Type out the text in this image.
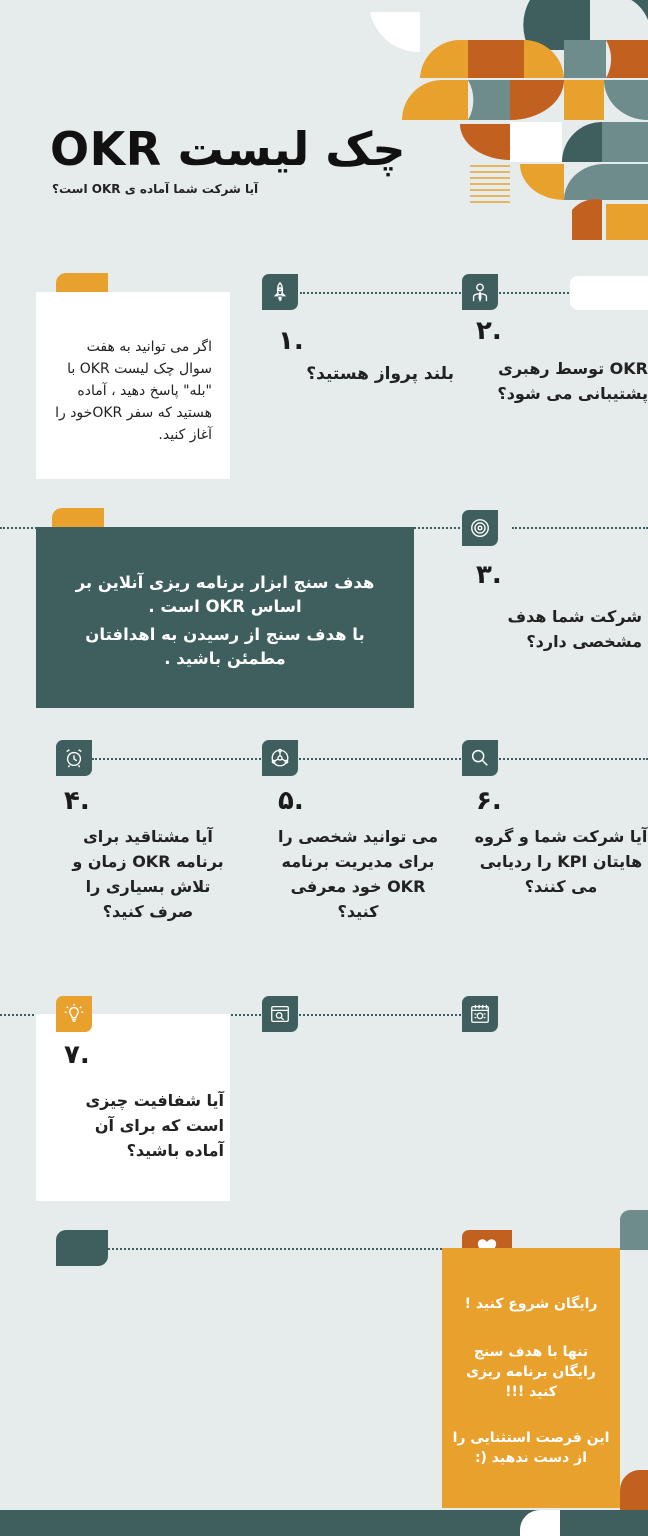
چک لیست OKR
آیا شرکت شما آماده ی OKR است؟
اگر می توانید به هفت سوال چک لیست OKR با "بله" پاسخ دهید ، آماده هستید که سفر OKRخود را آغاز کنید.
۱.
بلند پرواز هستید؟
۲.
OKR توسط رهبری پشتیبانی می شود؟
هدف سنج ابزار برنامه ریزی آنلاین بر اساس OKR است .
با هدف سنج از رسیدن به اهدافتان مطمئن باشید .
۳.
شرکت شما هدف مشخصی دارد؟
۴.
آیا مشتاقید برای برنامه OKR زمان و تلاش بسیاری را صرف کنید؟
۵.
می توانید شخصی را برای مدیریت برنامه OKR خود معرفی کنید؟
۶.
آیا شرکت شما و گروه هایتان KPI را ردیابی می کنند؟
۷.
آیا شفافیت چیزی است که برای آن آماده باشید؟
رایگان شروع کنید !
تنها با هدف سنج رایگان برنامه ریزی کنید !!!
این فرصت استثنایی را از دست ندهید (:
